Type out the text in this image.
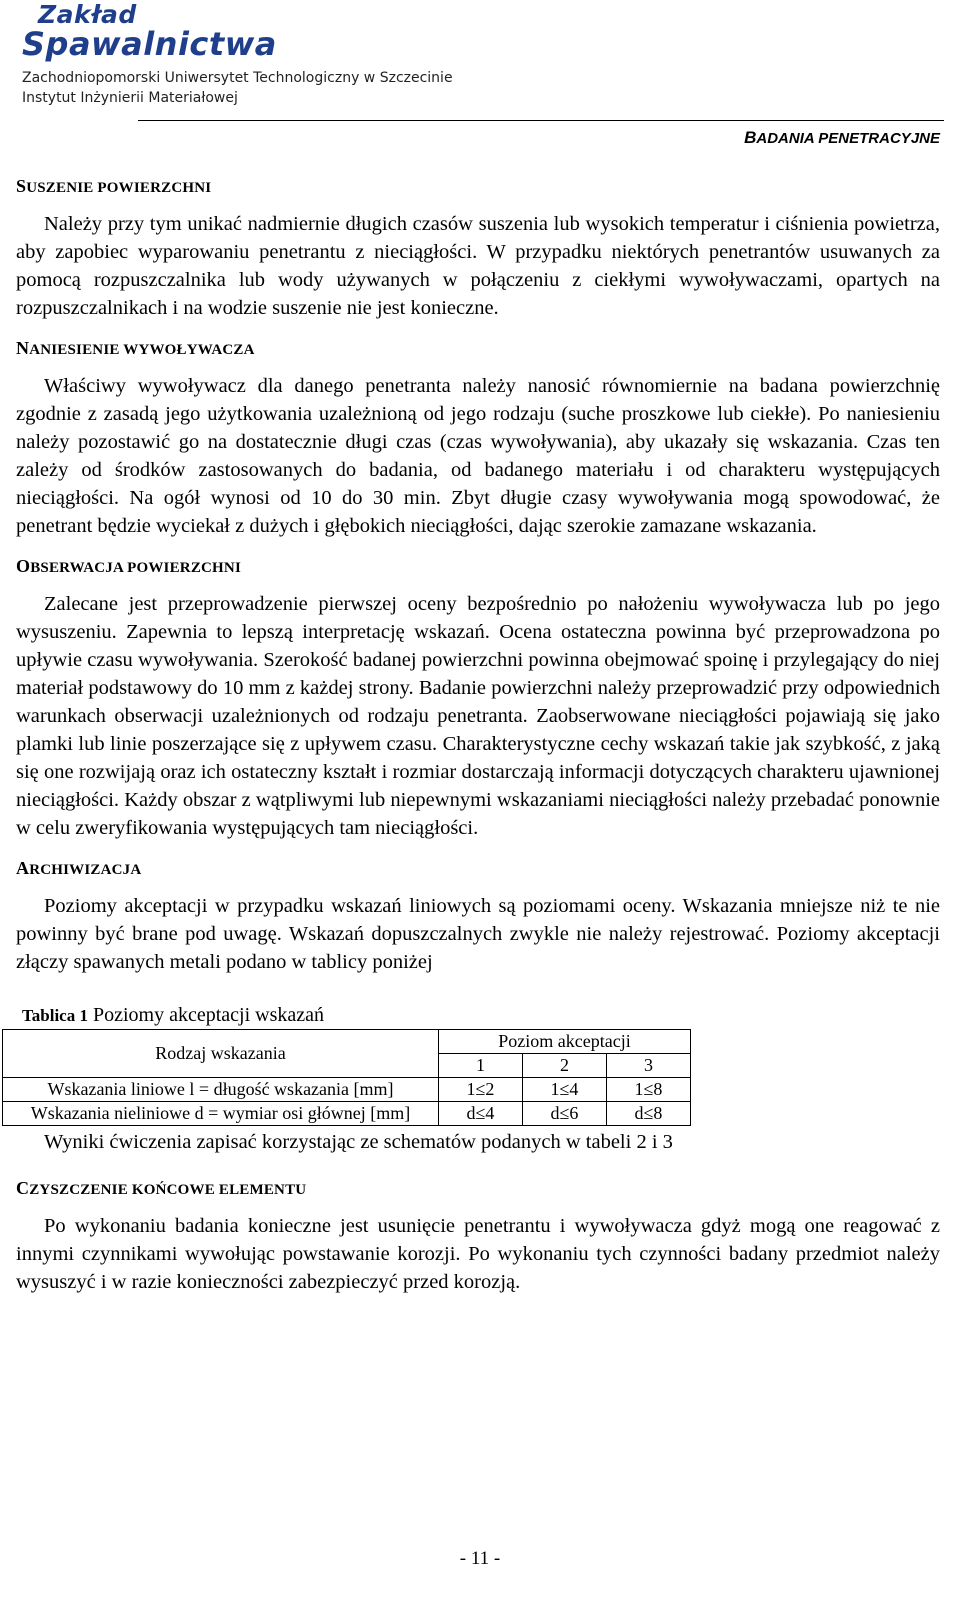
Zakład
Spawalnictwa
Zachodniopomorski Uniwersytet Technologiczny w Szczecinie
Instytut Inżynierii Materiałowej
BADANIA PENETRACYJNE
SUSZENIE POWIERZCHNI

Należy przy tym unikać nadmiernie długich czasów suszenia lub wysokich temperatur i ciśnienia powietrza, aby zapobiec wyparowaniu penetrantu z nieciągłości. W przypadku niektórych penetrantów usuwanych za pomocą rozpuszczalnika lub wody używanych w połączeniu z ciekłymi wywoływaczami, opartych na rozpuszczalnikach i na wodzie suszenie nie jest konieczne.

NANIESIENIE WYWOŁYWACZA

Właściwy wywoływacz dla danego penetranta należy nanosić równomiernie na badana powierzchnię zgodnie z zasadą jego użytkowania uzależnioną od jego rodzaju (suche proszkowe lub ciekłe). Po naniesieniu należy pozostawić go na dostatecznie długi czas (czas wywoływania), aby ukazały się wskazania. Czas ten zależy od środków zastosowanych do badania, od badanego materiału i od charakteru występujących nieciągłości. Na ogół wynosi od 10 do 30 min. Zbyt długie czasy wywoływania mogą spowodować, że penetrant będzie wyciekał z dużych i głębokich nieciągłości, dając szerokie zamazane wskazania.

OBSERWACJA POWIERZCHNI

Zalecane jest przeprowadzenie pierwszej oceny bezpośrednio po nałożeniu wywoływacza lub po jego wysuszeniu. Zapewnia to lepszą interpretację wskazań. Ocena ostateczna powinna być przeprowadzona po upływie czasu wywoływania. Szerokość badanej powierzchni powinna obejmować spoinę i przylegający do niej materiał podstawowy do 10 mm z każdej strony. Badanie powierzchni należy przeprowadzić przy odpowiednich warunkach obserwacji uzależnionych od rodzaju penetranta. Zaobserwowane nieciągłości pojawiają się jako plamki lub linie poszerzające się z upływem czasu. Charakterystyczne cechy wskazań takie jak szybkość, z jaką się one rozwijają oraz ich ostateczny kształt i rozmiar dostarczają informacji dotyczących charakteru ujawnionej nieciągłości. Każdy obszar z wątpliwymi lub niepewnymi wskazaniami nieciągłości należy przebadać ponownie w celu zweryfikowania występujących tam nieciągłości.

ARCHIWIZACJA

Poziomy akceptacji w przypadku wskazań liniowych są poziomami oceny. Wskazania mniejsze niż te nie powinny być brane pod uwagę. Wskazań dopuszczalnych zwykle nie należy rejestrować. Poziomy akceptacji złączy spawanych metali podano w tablicy poniżej

Tablica 1 Poziomy akceptacji wskazań
Rodzaj wskazania	Poziom akceptacji		
	1	2	3
Wskazania liniowe l = długość wskazania [mm]	1≤2	1≤4	1≤8
Wskazania nieliniowe d = wymiar osi głównej [mm]	d≤4	d≤6	d≤8
Wyniki ćwiczenia zapisać korzystając ze schematów podanych w tabeli 2 i 3
CZYSZCZENIE KOŃCOWE ELEMENTU

Po wykonaniu badania konieczne jest usunięcie penetrantu i wywoływacza gdyż mogą one reagować z innymi czynnikami wywołując powstawanie korozji. Po wykonaniu tych czynności badany przedmiot należy wysuszyć i w razie konieczności zabezpieczyć przed korozją.

- 11 -
